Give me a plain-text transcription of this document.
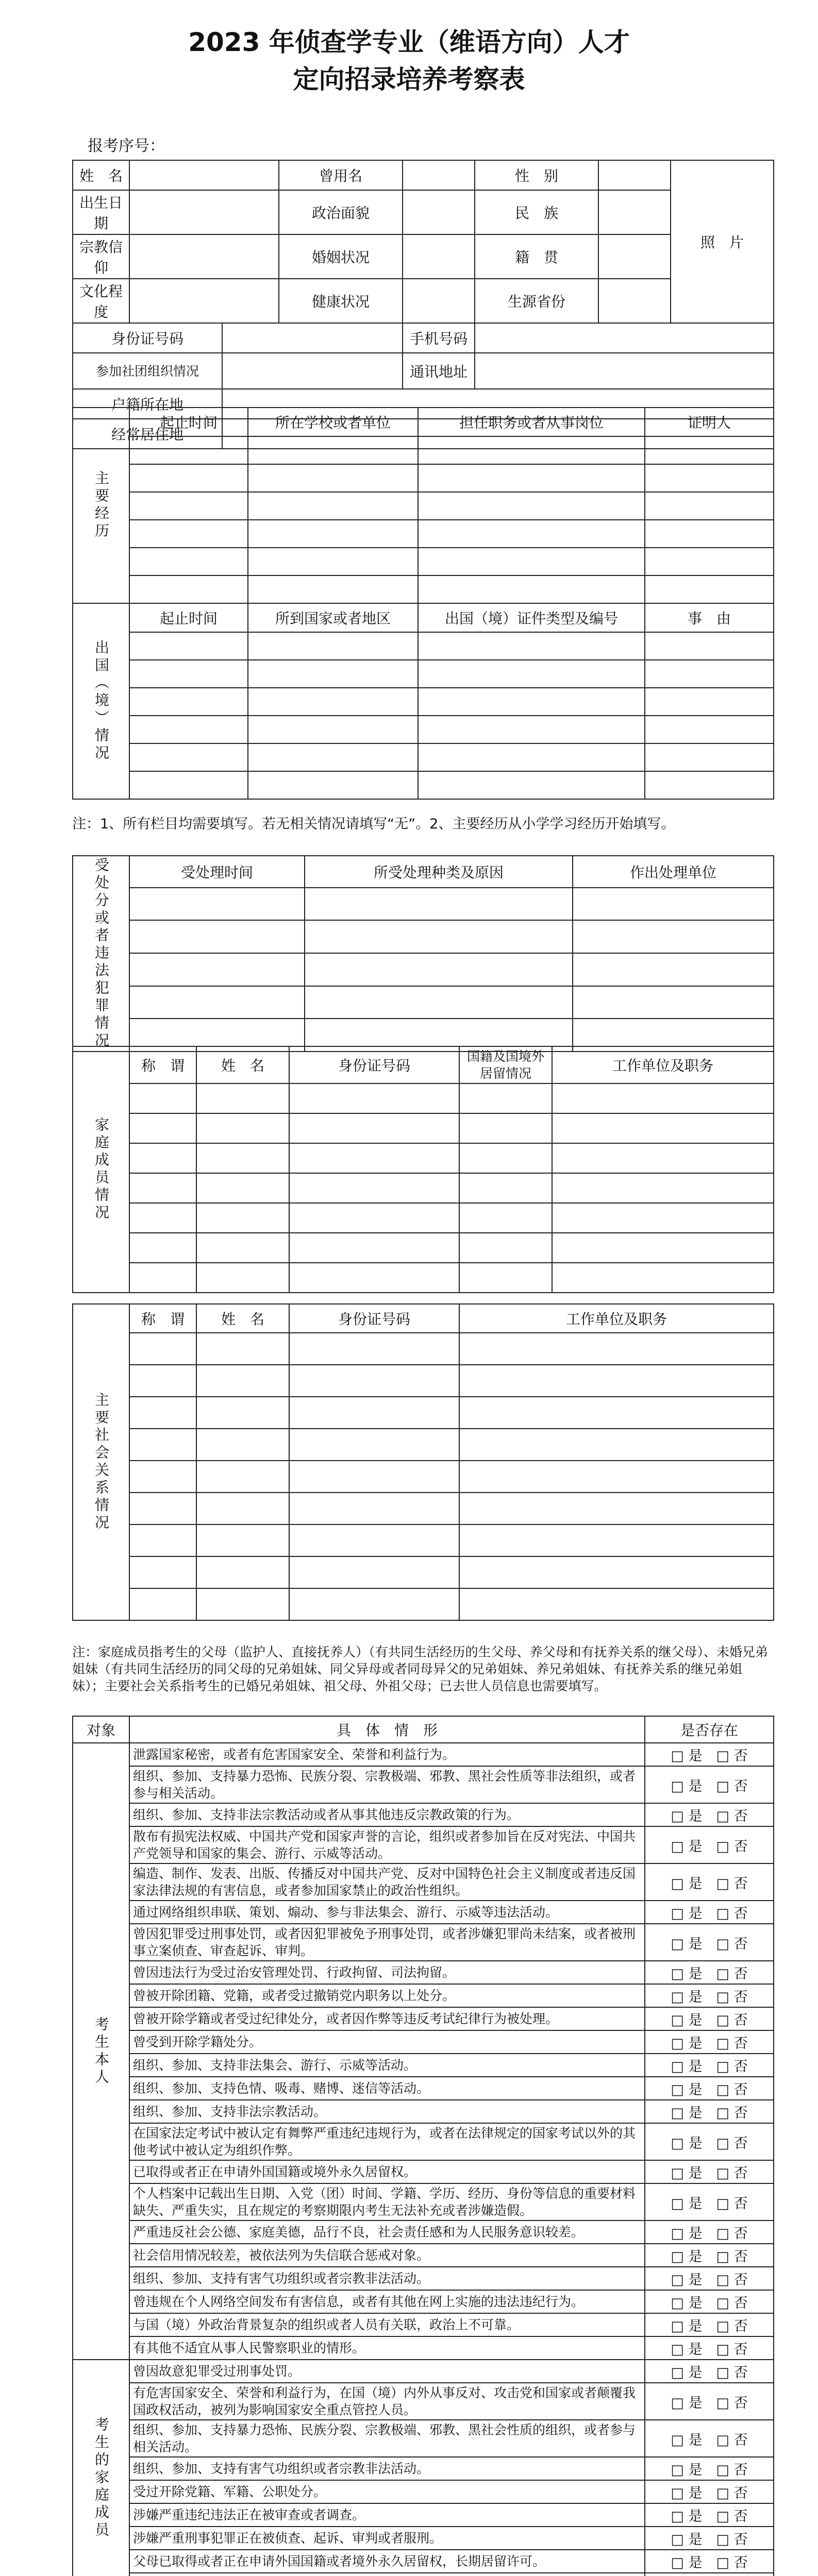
2023 年侦查学专业（维语方向）人才
定向招录培养考察表
报考序号：
姓　名			曾用名		性　别		照　片
出生日期			政治面貌		民　族		
宗教信仰			婚姻状况		籍　贯		
文化程度			健康状况		生源省份		
身份证号码				手机号码			
参加社团组织情况				通讯地址			
户籍所在地							
经常居住地							
主要经历	起止时间	所在学校或者单位	担任职务或者从事岗位	证明人

出国（境）情况	起止时间	所到国家或者地区	出国（境）证件类型及编号	事　由

注：1、所有栏目均需要填写。若无相关情况请填写“无”。2、主要经历从小学学习经历开始填写。
受处分或者违法犯罪情况	受处理时间	所受处理种类及原因	作出处理单位

家庭成员情况	称　谓	姓　名	身份证号码	国籍及国境外居留情况	工作单位及职务

主要社会关系情况	称　谓	姓　名	身份证号码	工作单位及职务

注：家庭成员指考生的父母（监护人、直接抚养人）（有共同生活经历的生父母、养父母和有抚养关系的继父母）、未婚兄弟姐妹（有共同生活经历的同父母的兄弟姐妹、同父异母或者同母异父的兄弟姐妹、养兄弟姐妹、有抚养关系的继兄弟姐妹）；主要社会关系指考生的已婚兄弟姐妹、祖父母、外祖父母；已去世人员信息也需要填写。
对象	具　体　情　形	是否存在
考生本人	泄露国家秘密，或者有危害国家安全、荣誉和利益行为。	□ 是　 □ 否
	组织、参加、支持暴力恐怖、民族分裂、宗教极端、邪教、黑社会性质等非法组织，或者参与相关活动。	□ 是　 □ 否
	组织、参加、支持非法宗教活动或者从事其他违反宗教政策的行为。	□ 是　 □ 否
	散布有损宪法权威、中国共产党和国家声誉的言论，组织或者参加旨在反对宪法、中国共产党领导和国家的集会、游行、示威等活动。	□ 是　 □ 否
	编造、制作、发表、出版、传播反对中国共产党、反对中国特色社会主义制度或者违反国家法律法规的有害信息，或者参加国家禁止的政治性组织。	□ 是　 □ 否
	通过网络组织串联、策划、煽动、参与非法集会、游行、示威等违法活动。	□ 是　 □ 否
	曾因犯罪受过刑事处罚，或者因犯罪被免予刑事处罚，或者涉嫌犯罪尚未结案，或者被刑事立案侦查、审查起诉、审判。	□ 是　 □ 否
	曾因违法行为受过治安管理处罚、行政拘留、司法拘留。	□ 是　 □ 否
	曾被开除团籍、党籍，或者受过撤销党内职务以上处分。	□ 是　 □ 否
	曾被开除学籍或者受过纪律处分，或者因作弊等违反考试纪律行为被处理。	□ 是　 □ 否
	曾受到开除学籍处分。	□ 是　 □ 否
	组织、参加、支持非法集会、游行、示威等活动。	□ 是　 □ 否
	组织、参加、支持色情、吸毒、赌博、迷信等活动。	□ 是　 □ 否
	组织、参加、支持非法宗教活动。	□ 是　 □ 否
	在国家法定考试中被认定有舞弊严重违纪违规行为，或者在法律规定的国家考试以外的其他考试中被认定为组织作弊。	□ 是　 □ 否
	已取得或者正在申请外国国籍或境外永久居留权。	□ 是　 □ 否
	个人档案中记载出生日期、入党（团）时间、学籍、学历、经历、身份等信息的重要材料缺失、严重失实，且在规定的考察期限内考生无法补充或者涉嫌造假。	□ 是　 □ 否
	严重违反社会公德、家庭美德，品行不良，社会责任感和为人民服务意识较差。	□ 是　 □ 否
	社会信用情况较差，被依法列为失信联合惩戒对象。	□ 是　 □ 否
	组织、参加、支持有害气功组织或者宗教非法活动。	□ 是　 □ 否
	曾违规在个人网络空间发布有害信息，或者有其他在网上实施的违法违纪行为。	□ 是　 □ 否
	与国（境）外政治背景复杂的组织或者人员有关联，政治上不可靠。	□ 是　 □ 否
	有其他不适宜从事人民警察职业的情形。	□ 是　 □ 否
考生的家庭成员	曾因故意犯罪受过刑事处罚。	□ 是　 □ 否
	有危害国家安全、荣誉和利益行为，在国（境）内外从事反对、攻击党和国家或者颠覆我国政权活动，被列为影响国家安全重点管控人员。	□ 是　 □ 否
	组织、参加、支持暴力恐怖、民族分裂、宗教极端、邪教、黑社会性质的组织，或者参与相关活动。	□ 是　 □ 否
	组织、参加、支持有害气功组织或者宗教非法活动。	□ 是　 □ 否
	受过开除党籍、军籍、公职处分。	□ 是　 □ 否
	涉嫌严重违纪违法正在被审查或者调查。	□ 是　 □ 否
	涉嫌严重刑事犯罪正在被侦查、起诉、审判或者服刑。	□ 是　 □ 否
	父母已取得或者正在申请外国国籍或者境外永久居留权，长期居留许可。	□ 是　 □ 否
